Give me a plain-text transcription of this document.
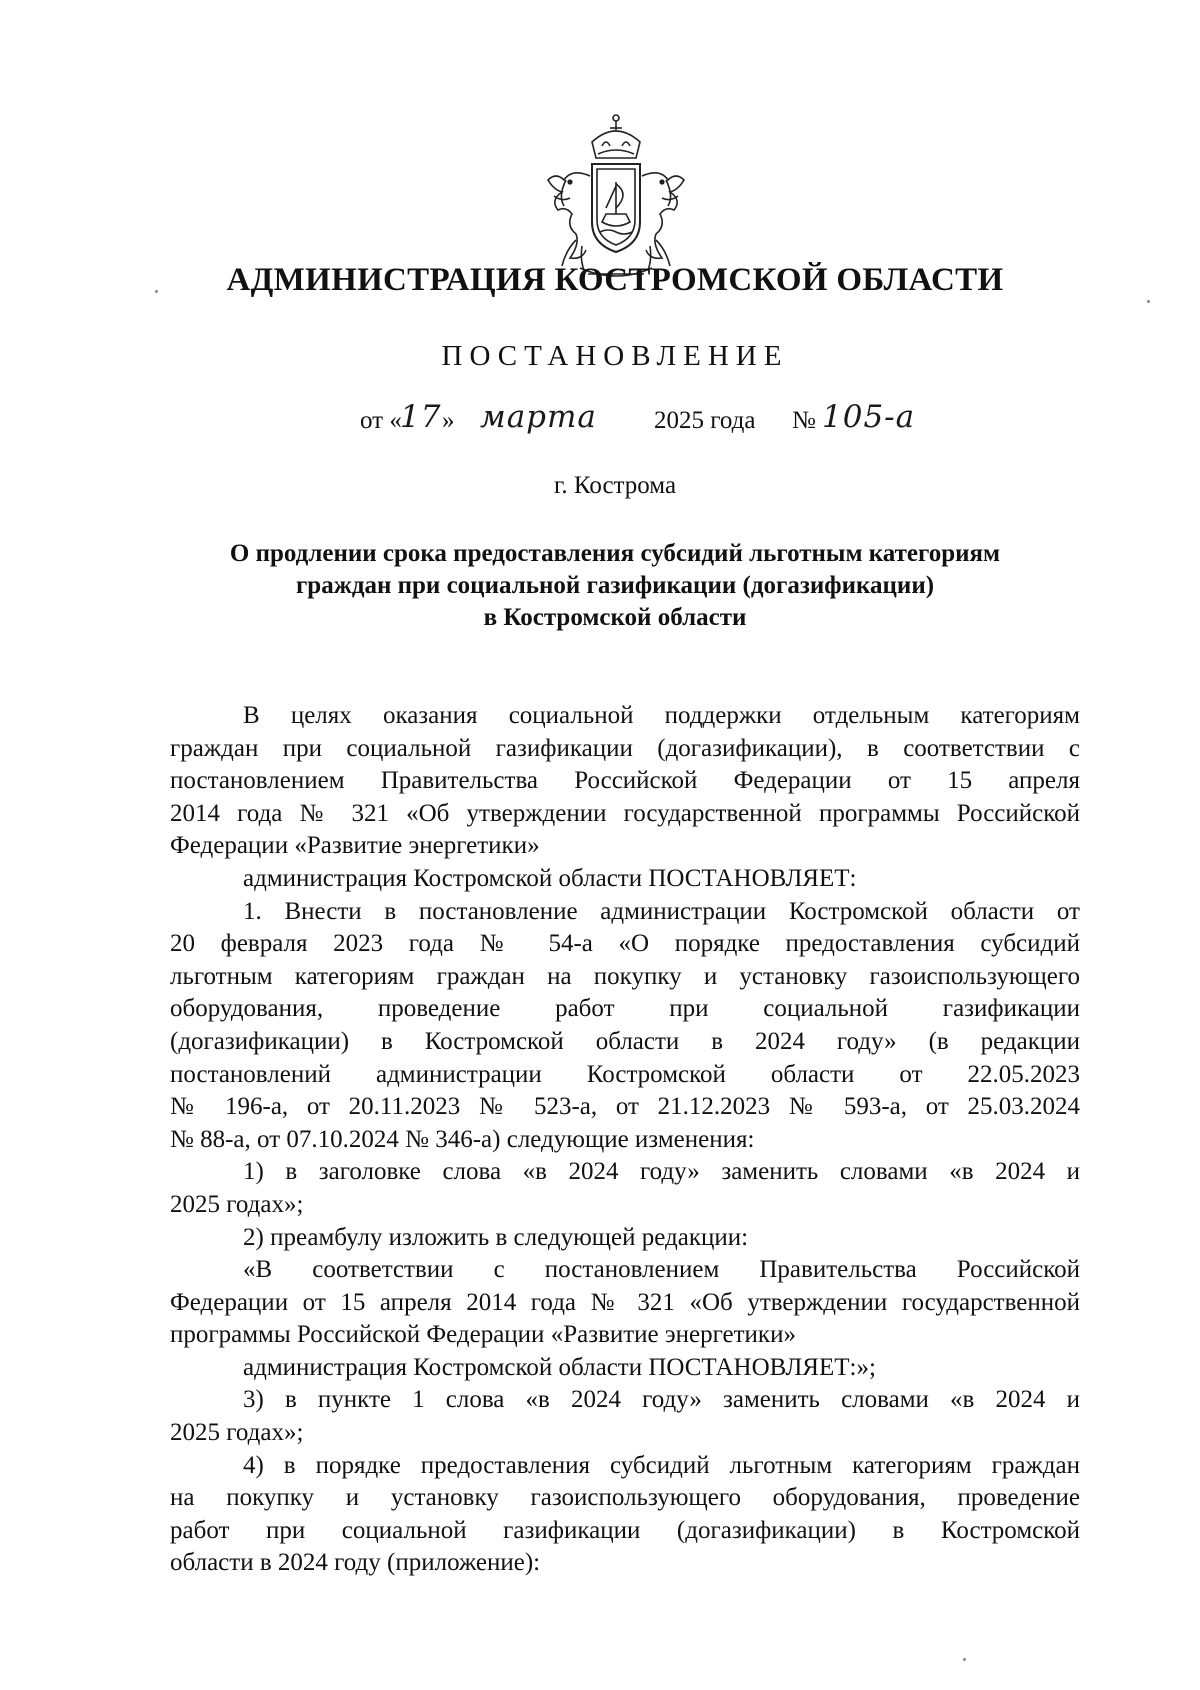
АДМИНИСТРАЦИЯ КОСТРОМСКОЙ ОБЛАСТИ
ПОСТАНОВЛЕНИЕ
от «
17 » марта 2025 года № 105-а
г. Кострома
О продлении срока предоставления субсидий льготным категориям
граждан при социальной газификации (догазификации)
в Костромской области
В целях оказания социальной поддержки отдельным категориям
граждан при социальной газификации (догазификации), в соответствии с
постановлением Правительства Российской Федерации от 15 апреля
2014 года № 321 «Об утверждении государственной программы Российской
Федерации «Развитие энергетики»
администрация Костромской области ПОСТАНОВЛЯЕТ:
1. Внести в постановление администрации Костромской области от
20 февраля 2023 года № 54-а «О порядке предоставления субсидий
льготным категориям граждан на покупку и установку газоиспользующего
оборудования, проведение работ при социальной газификации
(догазификации) в Костромской области в 2024 году» (в редакции
постановлений администрации Костромской области от 22.05.2023
№ 196-а, от 20.11.2023 № 523-а, от 21.12.2023 № 593-а, от 25.03.2024
№ 88-а, от 07.10.2024 № 346-а) следующие изменения:
1) в заголовке слова «в 2024 году» заменить словами «в 2024 и
2025 годах»;
2) преамбулу изложить в следующей редакции:
«В соответствии с постановлением Правительства Российской
Федерации от 15 апреля 2014 года № 321 «Об утверждении государственной
программы Российской Федерации «Развитие энергетики»
администрация Костромской области ПОСТАНОВЛЯЕТ:»;
3) в пункте 1 слова «в 2024 году» заменить словами «в 2024 и
2025 годах»;
4) в порядке предоставления субсидий льготным категориям граждан
на покупку и установку газоиспользующего оборудования, проведение
работ при социальной газификации (догазификации) в Костромской
области в 2024 году (приложение):
